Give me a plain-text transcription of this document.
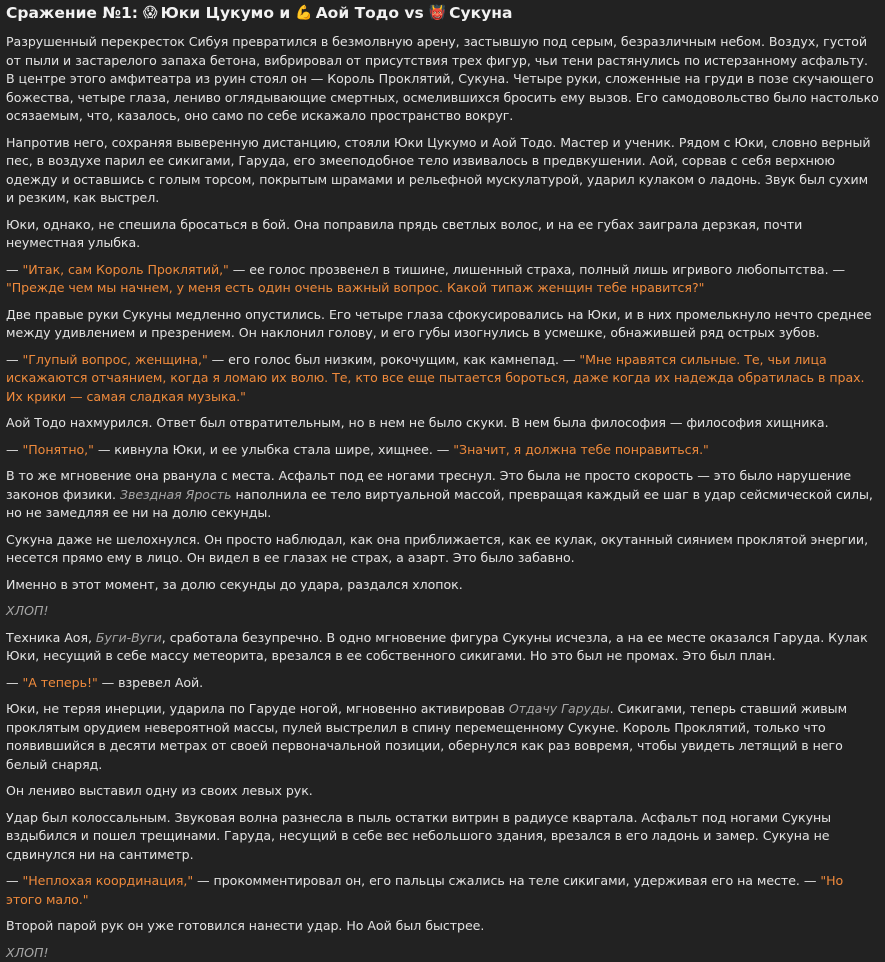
Сражение №1: 😱 Юки Цукумо и 💪 Аой Тодо vs 👹 Сукуна

Разрушенный перекресток Сибуя превратился в безмолвную арену, застывшую под серым, безразличным небом. Воздух, густой от пыли и застарелого запаха бетона, вибрировал от присутствия трех фигур, чьи тени растянулись по истерзанному асфальту. В центре этого амфитеатра из руин стоял он — Король Проклятий, Сукуна. Четыре руки, сложенные на груди в позе скучающего божества, четыре глаза, лениво оглядывающие смертных, осмелившихся бросить ему вызов. Его самодовольство было настолько осязаемым, что, казалось, оно само по себе искажало пространство вокруг.

Напротив него, сохраняя выверенную дистанцию, стояли Юки Цукумо и Аой Тодо. Мастер и ученик. Рядом с Юки, словно верный пес, в воздухе парил ее сикигами, Гаруда, его змееподобное тело извивалось в предвкушении. Аой, сорвав с себя верхнюю одежду и оставшись с голым торсом, покрытым шрамами и рельефной мускулатурой, ударил кулаком о ладонь. Звук был сухим и резким, как выстрел.

Юки, однако, не спешила бросаться в бой. Она поправила прядь светлых волос, и на ее губах заиграла дерзкая, почти неуместная улыбка.

— "Итак, сам Король Проклятий," — ее голос прозвенел в тишине, лишенный страха, полный лишь игривого любопытства. — "Прежде чем мы начнем, у меня есть один очень важный вопрос. Какой типаж женщин тебе нравится?"

Две правые руки Сукуны медленно опустились. Его четыре глаза сфокусировались на Юки, и в них промелькнуло нечто среднее между удивлением и презрением. Он наклонил голову, и его губы изогнулись в усмешке, обнажившей ряд острых зубов.

— "Глупый вопрос, женщина," — его голос был низким, рокочущим, как камнепад. — "Мне нравятся сильные. Те, чьи лица искажаются отчаянием, когда я ломаю их волю. Те, кто все еще пытается бороться, даже когда их надежда обратилась в прах. Их крики — самая сладкая музыка."

Аой Тодо нахмурился. Ответ был отвратительным, но в нем не было скуки. В нем была философия — философия хищника.

— "Понятно," — кивнула Юки, и ее улыбка стала шире, хищнее. — "Значит, я должна тебе понравиться."

В то же мгновение она рванула с места. Асфальт под ее ногами треснул. Это была не просто скорость — это было нарушение законов физики. Звездная Ярость наполнила ее тело виртуальной массой, превращая каждый ее шаг в удар сейсмической силы, но не замедляя ее ни на долю секунды.

Сукуна даже не шелохнулся. Он просто наблюдал, как она приближается, как ее кулак, окутанный сиянием проклятой энергии, несется прямо ему в лицо. Он видел в ее глазах не страх, а азарт. Это было забавно.

Именно в этот момент, за долю секунды до удара, раздался хлопок.

ХЛОП!

Техника Аоя, Буги-Вуги, сработала безупречно. В одно мгновение фигура Сукуны исчезла, а на ее месте оказался Гаруда. Кулак Юки, несущий в себе массу метеорита, врезался в ее собственного сикигами. Но это был не промах. Это был план.

— "А теперь!" — взревел Аой.

Юки, не теряя инерции, ударила по Гаруде ногой, мгновенно активировав Отдачу Гаруды. Сикигами, теперь ставший живым проклятым орудием невероятной массы, пулей выстрелил в спину перемещенному Сукуне. Король Проклятий, только что появившийся в десяти метрах от своей первоначальной позиции, обернулся как раз вовремя, чтобы увидеть летящий в него белый снаряд.

Он лениво выставил одну из своих левых рук.

Удар был колоссальным. Звуковая волна разнесла в пыль остатки витрин в радиусе квартала. Асфальт под ногами Сукуны вздыбился и пошел трещинами. Гаруда, несущий в себе вес небольшого здания, врезался в его ладонь и замер. Сукуна не сдвинулся ни на сантиметр.

— "Неплохая координация," — прокомментировал он, его пальцы сжались на теле сикигами, удерживая его на месте. — "Но этого мало."

Второй парой рук он уже готовился нанести удар. Но Аой был быстрее.

ХЛОП!
